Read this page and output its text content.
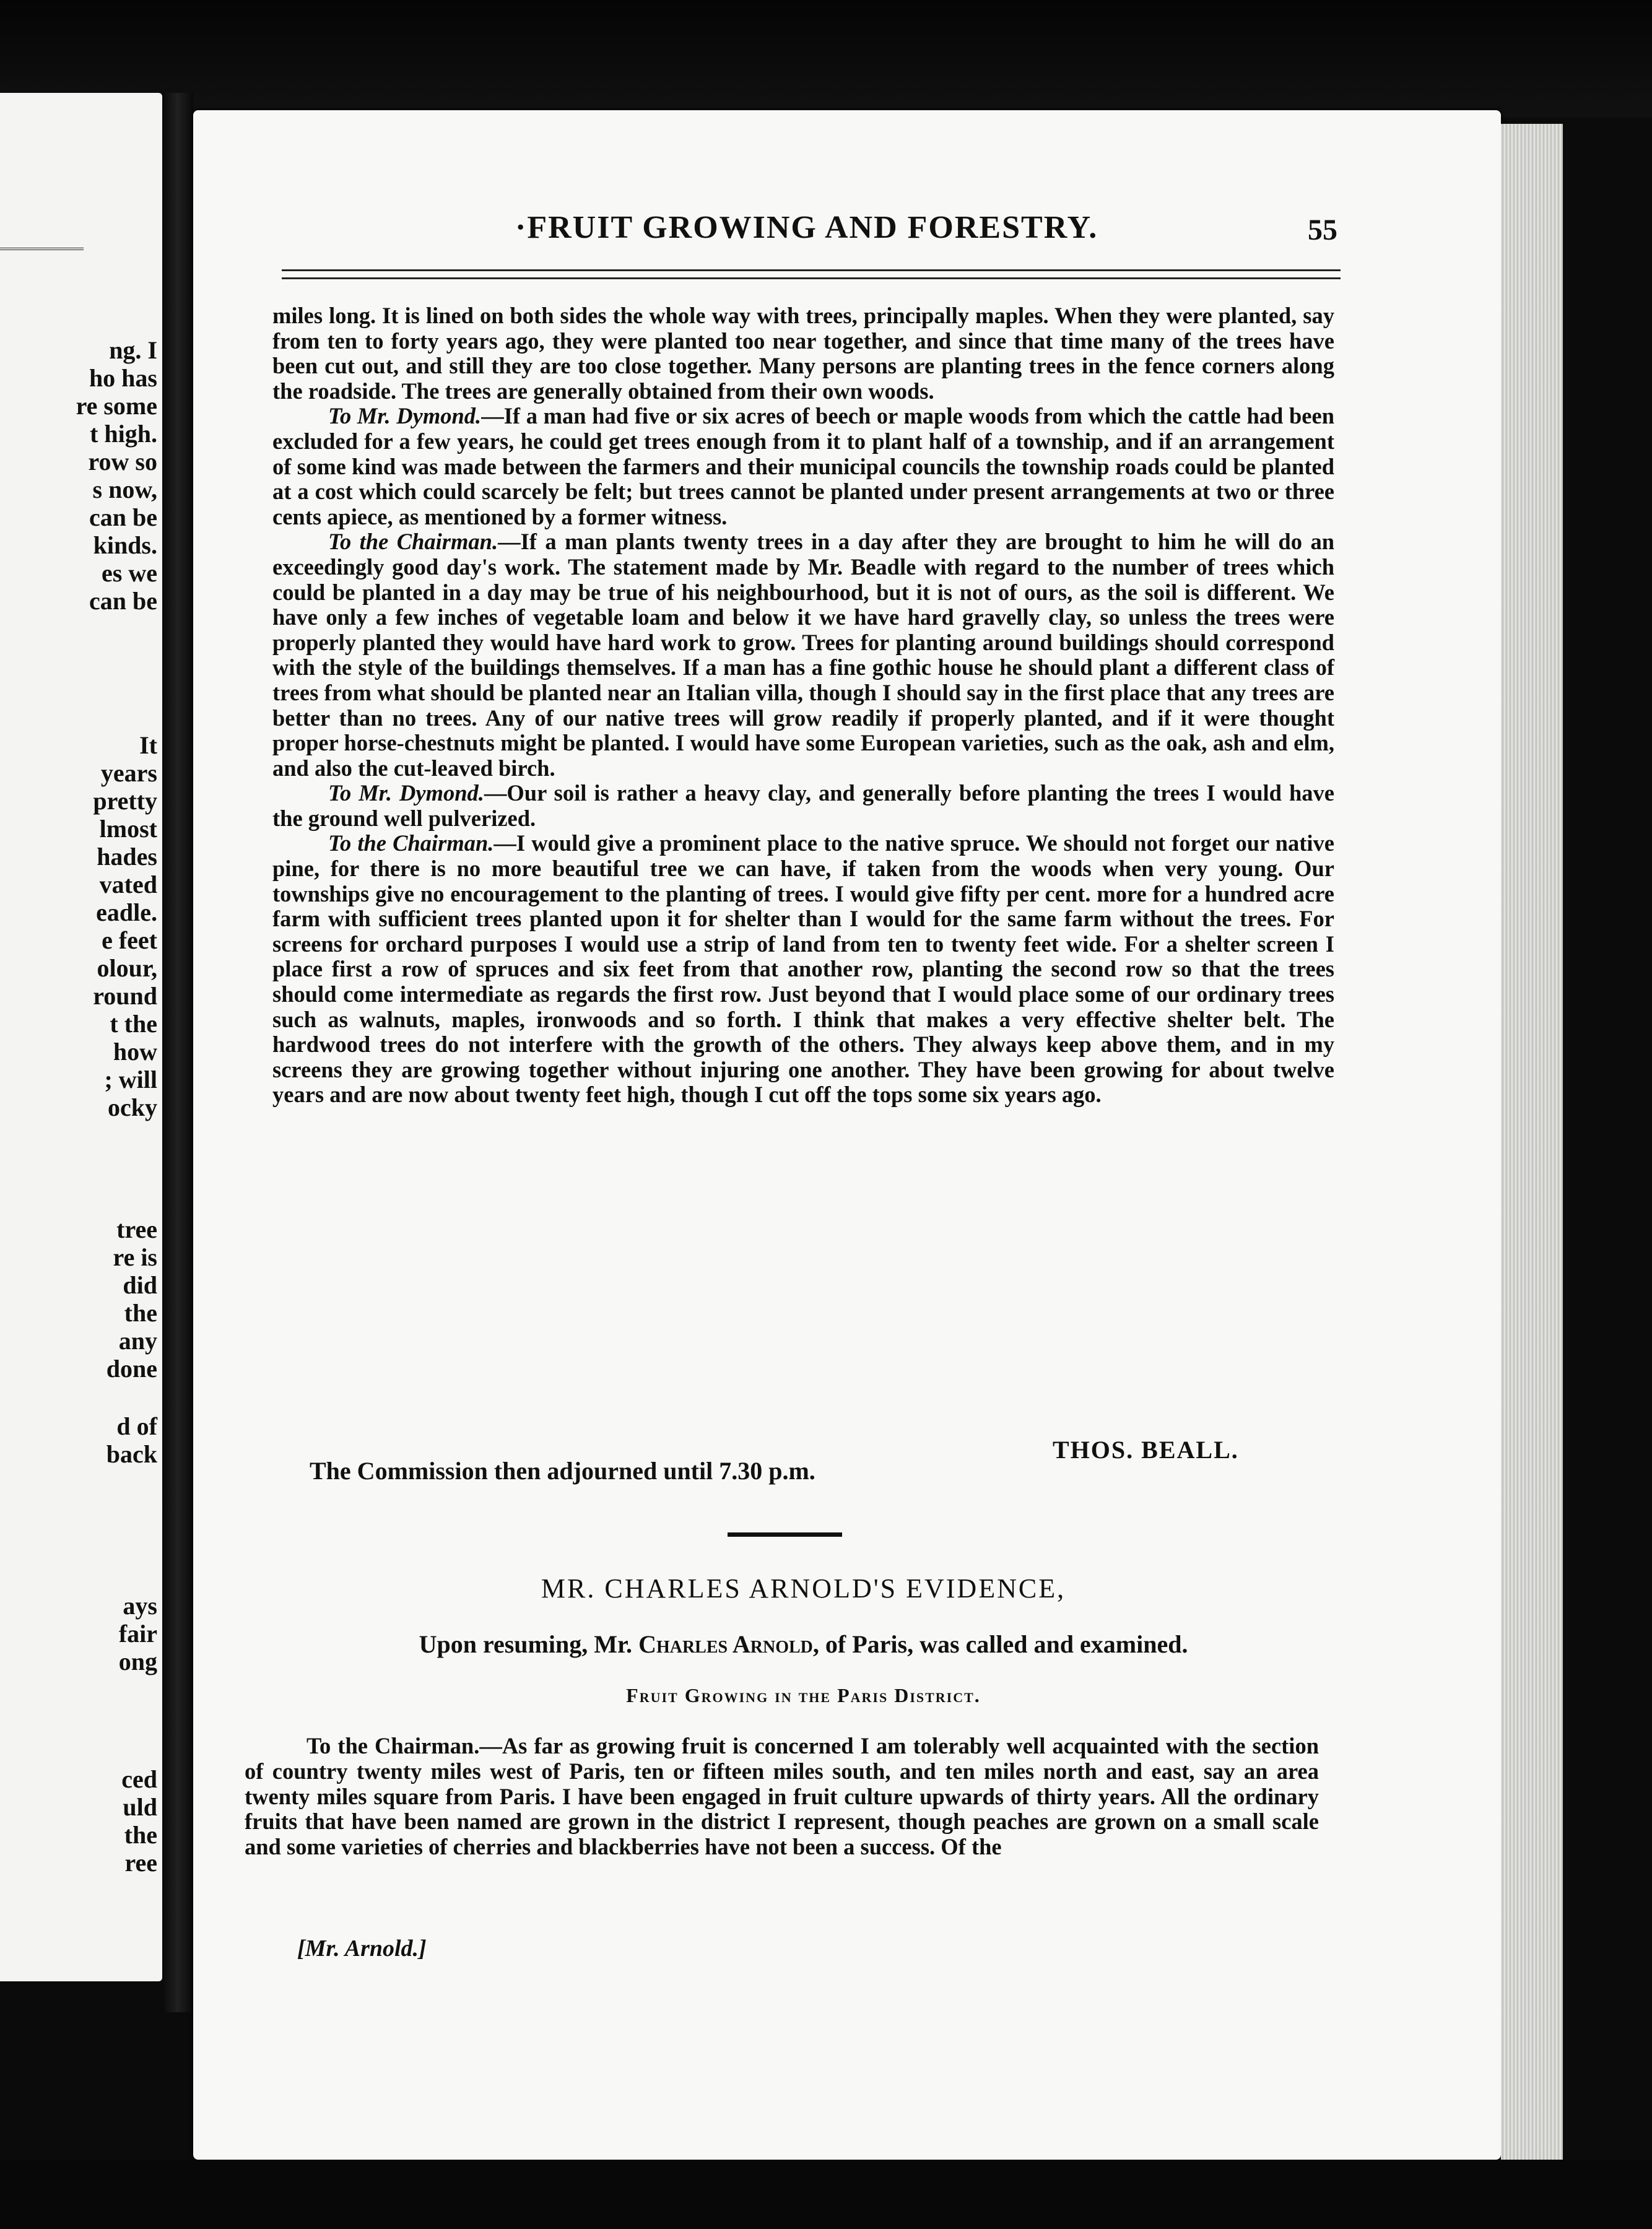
ng. I
ho has
re some
t high.
row so
s now,
can be
kinds.
es we
can be
It
years
pretty
lmost
hades
vated
eadle.
e feet
olour,
round
t the
how
; will
ocky
tree
re is
did
the
any
done
d of
back
ays
fair
ong
ced
uld
the
ree
·FRUIT GROWING AND FORESTRY.	55

miles long. It is lined on both sides the whole way with trees, principally maples. When they were planted, say from ten to forty years ago, they were planted too near together, and since that time many of the trees have been cut out, and still they are too close together. Many persons are planting trees in the fence corners along the roadside. The trees are generally obtained from their own woods.

To Mr. Dymond.—If a man had five or six acres of beech or maple woods from which the cattle had been excluded for a few years, he could get trees enough from it to plant half of a township, and if an arrangement of some kind was made between the farmers and their municipal councils the township roads could be planted at a cost which could scarcely be felt; but trees cannot be planted under present arrangements at two or three cents apiece, as mentioned by a former witness.

To the Chairman.—If a man plants twenty trees in a day after they are brought to him he will do an exceedingly good day's work. The statement made by Mr. Beadle with regard to the number of trees which could be planted in a day may be true of his neighbourhood, but it is not of ours, as the soil is different. We have only a few inches of vegetable loam and below it we have hard gravelly clay, so unless the trees were properly planted they would have hard work to grow. Trees for planting around buildings should correspond with the style of the buildings themselves. If a man has a fine gothic house he should plant a different class of trees from what should be planted near an Italian villa, though I should say in the first place that any trees are better than no trees. Any of our native trees will grow readily if properly planted, and if it were thought proper horse-chestnuts might be planted. I would have some European varieties, such as the oak, ash and elm, and also the cut-leaved birch.

To Mr. Dymond.—Our soil is rather a heavy clay, and generally before planting the trees I would have the ground well pulverized.

To the Chairman.—I would give a prominent place to the native spruce. We should not forget our native pine, for there is no more beautiful tree we can have, if taken from the woods when very young. Our townships give no encouragement to the planting of trees. I would give fifty per cent. more for a hundred acre farm with sufficient trees planted upon it for shelter than I would for the same farm without the trees. For screens for orchard purposes I would use a strip of land from ten to twenty feet wide. For a shelter screen I place first a row of spruces and six feet from that another row, planting the second row so that the trees should come intermediate as regards the first row. Just beyond that I would place some of our ordinary trees such as walnuts, maples, ironwoods and so forth. I think that makes a very effective shelter belt. The hardwood trees do not interfere with the growth of the others. They always keep above them, and in my screens they are growing together without injuring one another. They have been growing for about twelve years and are now about twenty feet high, though I cut off the tops some six years ago.

THOS. BEALL.
The Commission then adjourned until 7.30 p.m.
MR. CHARLES ARNOLD'S EVIDENCE,
Upon resuming, Mr. Charles Arnold, of Paris, was called and examined.
Fruit Growing in the Paris District.

To the Chairman.—As far as growing fruit is concerned I am tolerably well acquainted with the section of country twenty miles west of Paris, ten or fifteen miles south, and ten miles north and east, say an area twenty miles square from Paris. I have been engaged in fruit culture upwards of thirty years. All the ordinary fruits that have been named are grown in the district I represent, though peaches are grown on a small scale and some varieties of cherries and blackberries have not been a success. Of the

[Mr. Arnold.]
